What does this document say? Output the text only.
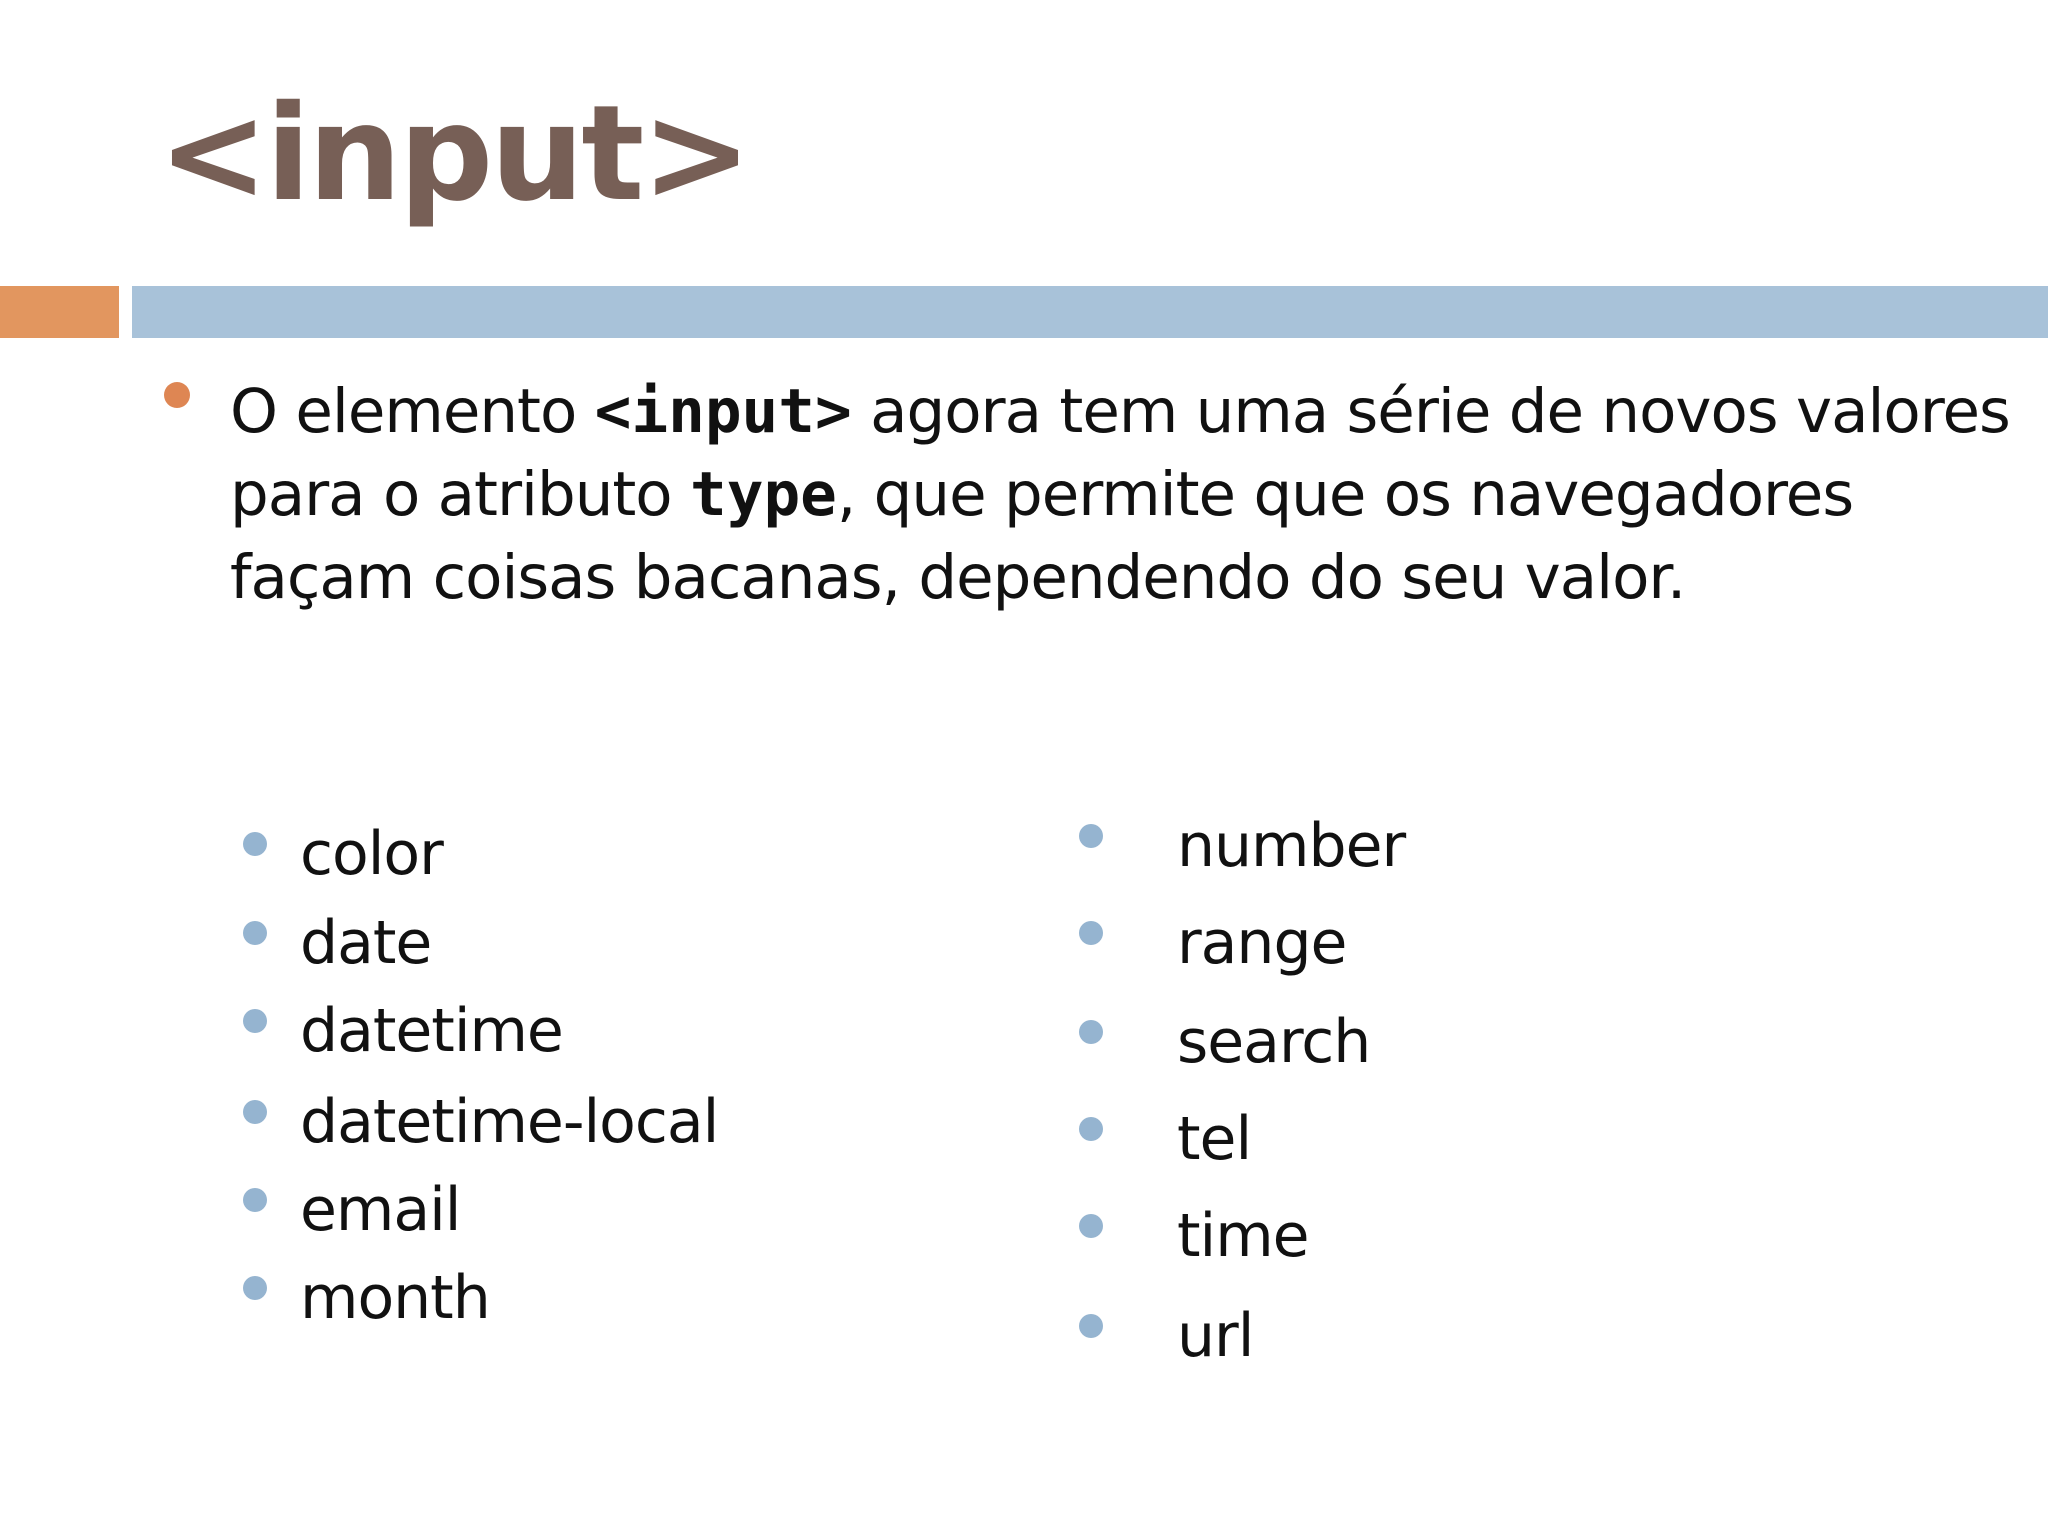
<input>

O elemento <input> agora tem uma série de novos valores para o atributo type, que permite que os navegadores façam coisas bacanas, dependendo do seu valor.

color
date
datetime
datetime-local
email
month
number
range
search
tel
time
url
